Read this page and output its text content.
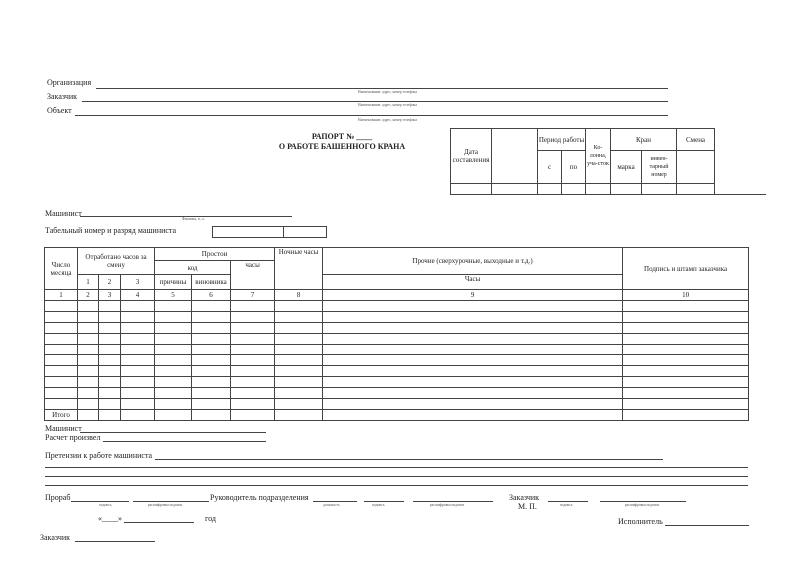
Организация
Заказчик	Наименование, адрес, номер телефона
Наименование, адрес, номер телефона
Объект
Наименование, адрес, номер телефона
РАПОРТ № ____
О РАБОТЕ БАШЕННОГО КРАНА
Дата составления		Период работы		Ко-лонна, уча-сток	Кран		Смена
		с	по		марка	инвен-тарный номер	

Машинист
Фамилия, и., о.
Табельный номер и разряд машиниста

Число месяца	Отработано часов за смену			Простои			Ночные часы	Прочие (сверхурочные, выходные и т.д.)	Подпись и штамп заказчика
				код		часы			
	1	2	3	причины	виновника			Часы	
1	2	3	4	5	6	7	8	9	10

Итого									
Машинист
Расчет произвел
Претензии к работе машиниста
Прораб
подпись	расшифровка подписи
Руководитель подразделения
должность	подпись	расшифровка подписи
Заказчик
М. П.	подпись	расшифровка подписи
«____»	год	Исполнитель
Заказчик
